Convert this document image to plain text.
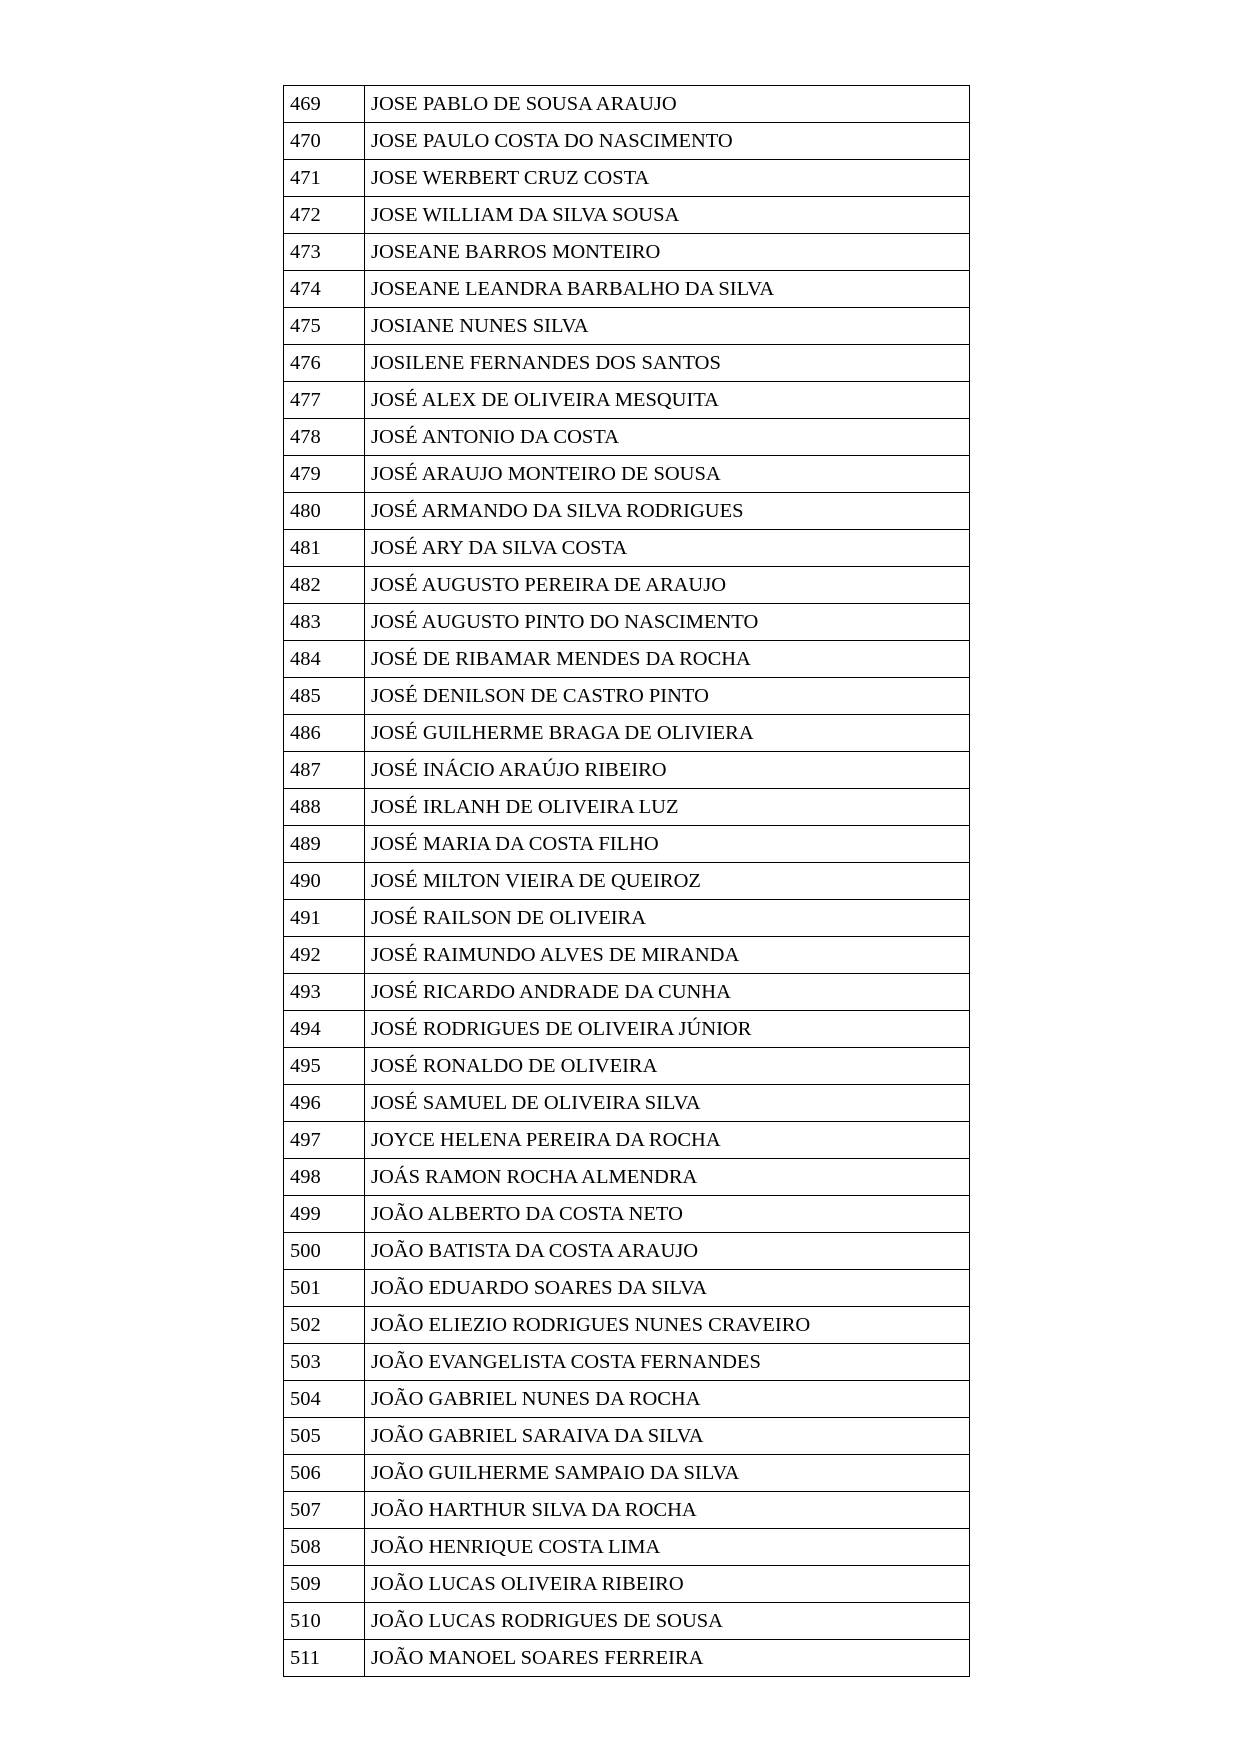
469	JOSE PABLO DE SOUSA ARAUJO
470	JOSE PAULO COSTA DO NASCIMENTO
471	JOSE WERBERT CRUZ COSTA
472	JOSE WILLIAM DA SILVA SOUSA
473	JOSEANE BARROS MONTEIRO
474	JOSEANE LEANDRA BARBALHO DA SILVA
475	JOSIANE NUNES SILVA
476	JOSILENE FERNANDES DOS SANTOS
477	JOSÉ ALEX DE OLIVEIRA MESQUITA
478	JOSÉ ANTONIO DA COSTA
479	JOSÉ ARAUJO MONTEIRO DE SOUSA
480	JOSÉ ARMANDO DA SILVA RODRIGUES
481	JOSÉ ARY DA SILVA COSTA
482	JOSÉ AUGUSTO PEREIRA DE ARAUJO
483	JOSÉ AUGUSTO PINTO DO NASCIMENTO
484	JOSÉ DE RIBAMAR MENDES DA ROCHA
485	JOSÉ DENILSON DE CASTRO PINTO
486	JOSÉ GUILHERME BRAGA DE OLIVIERA
487	JOSÉ INÁCIO ARAÚJO RIBEIRO
488	JOSÉ IRLANH DE OLIVEIRA LUZ
489	JOSÉ MARIA DA COSTA FILHO
490	JOSÉ MILTON VIEIRA DE QUEIROZ
491	JOSÉ RAILSON DE OLIVEIRA
492	JOSÉ RAIMUNDO ALVES DE MIRANDA
493	JOSÉ RICARDO ANDRADE DA CUNHA
494	JOSÉ RODRIGUES DE OLIVEIRA JÚNIOR
495	JOSÉ RONALDO DE OLIVEIRA
496	JOSÉ SAMUEL DE OLIVEIRA SILVA
497	JOYCE HELENA PEREIRA DA ROCHA
498	JOÁS RAMON ROCHA ALMENDRA
499	JOÃO ALBERTO DA COSTA NETO
500	JOÃO BATISTA DA COSTA ARAUJO
501	JOÃO EDUARDO SOARES DA SILVA
502	JOÃO ELIEZIO RODRIGUES NUNES CRAVEIRO
503	JOÃO EVANGELISTA COSTA FERNANDES
504	JOÃO GABRIEL NUNES DA ROCHA
505	JOÃO GABRIEL SARAIVA DA SILVA
506	JOÃO GUILHERME SAMPAIO DA SILVA
507	JOÃO HARTHUR SILVA DA ROCHA
508	JOÃO HENRIQUE COSTA LIMA
509	JOÃO LUCAS OLIVEIRA RIBEIRO
510	JOÃO LUCAS RODRIGUES DE SOUSA
511	JOÃO MANOEL SOARES FERREIRA
